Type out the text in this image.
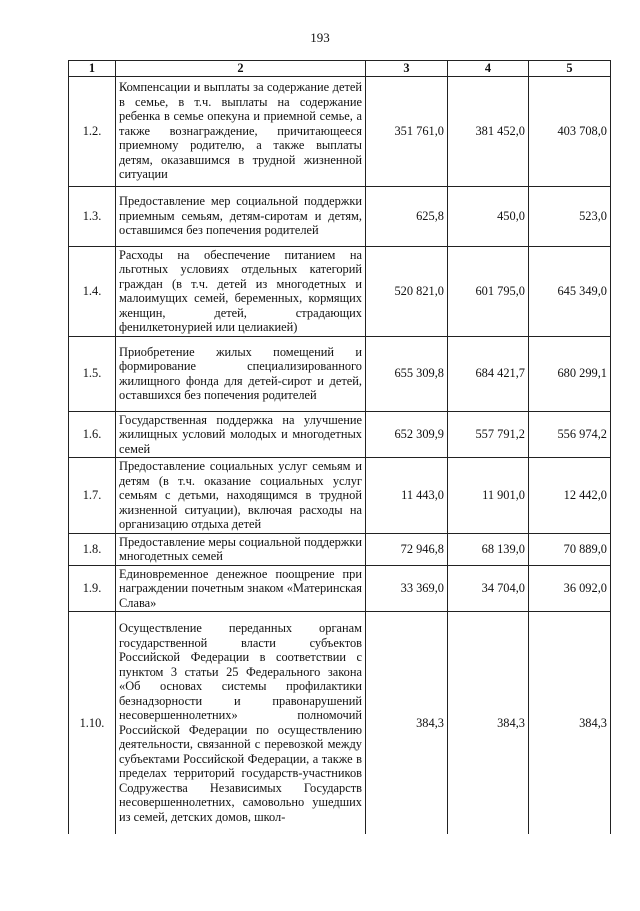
193
1	2	3	4	5
1.2.	Компенсации и выплаты за содержание детей в семье, в т.ч. выплаты на содержание ребенка в семье опекуна и приемной семье, а также вознаграждение, причитающееся приемному родителю, а также выплаты детям, оказавшимся в трудной жизненной ситуации	351 761,0	381 452,0	403 708,0
1.3.	Предоставление мер социальной поддержки приемным семьям, детям-сиротам и детям, оставшимся без попечения родителей	625,8	450,0	523,0
1.4.	Расходы на обеспечение питанием на льготных условиях отдельных категорий граждан (в т.ч. детей из многодетных и малоимущих семей, беременных, кормящих женщин, детей, страдающих фенилкетонурией или целиакией)	520 821,0	601 795,0	645 349,0
1.5.	Приобретение жилых помещений и формирование специализированного жилищного фонда для детей-сирот и детей, оставшихся без попечения родителей	655 309,8	684 421,7	680 299,1
1.6.	Государственная поддержка на улучшение жилищных условий молодых и многодетных семей	652 309,9	557 791,2	556 974,2
1.7.	Предоставление социальных услуг семьям и детям (в т.ч. оказание социальных услуг семьям с детьми, находящимся в трудной жизненной ситуации), включая расходы на организацию отдыха детей	11 443,0	11 901,0	12 442,0
1.8.	Предоставление меры социальной поддержки многодетных семей	72 946,8	68 139,0	70 889,0
1.9.	Единовременное денежное поощрение при награждении почетным знаком «Материнская Слава»	33 369,0	34 704,0	36 092,0
1.10.	Осуществление переданных органам государственной власти субъектов Российской Федерации в соответствии с пунктом 3 статьи 25 Федерального закона «Об основах системы профилактики безнадзорности и правонарушений несовершеннолетних» полномочий Российской Федерации по осуществлению деятельности, связанной с перевозкой между субъектами Российской Федерации, а также в пределах территорий государств-участников Содружества Независимых Государств несовершеннолетних, самовольно ушедших из семей, детских домов, школ-	384,3	384,3	384,3
